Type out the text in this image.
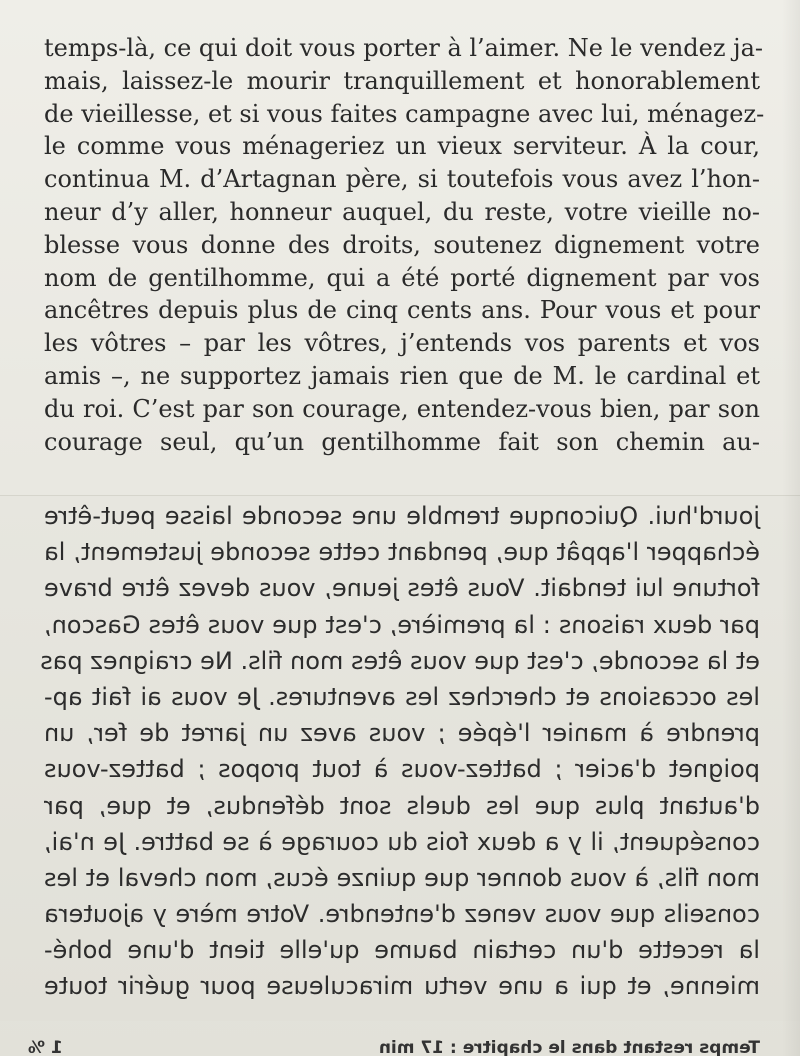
temps-là, ce qui doit vous porter à l’aimer. Ne le vendez ja-
mais, laissez-le mourir tranquillement et honorablement
de vieillesse, et si vous faites campagne avec lui, ménagez-
le comme vous ménageriez un vieux serviteur. À la cour,
continua M. d’Artagnan père, si toutefois vous avez l’hon-
neur d’y aller, honneur auquel, du reste, votre vieille no-
blesse vous donne des droits, soutenez dignement votre
nom de gentilhomme, qui a été porté dignement par vos
ancêtres depuis plus de cinq cents ans. Pour vous et pour
les vôtres – par les vôtres, j’entends vos parents et vos
amis –, ne supportez jamais rien que de M. le cardinal et
du roi. C’est par son courage, entendez-vous bien, par son
courage seul, qu’un gentilhomme fait son chemin au-
jourd'hui. Quiconque tremble une seconde laisse peut-être
échapper l'appât que, pendant cette seconde justement, la
fortune lui tendait. Vous êtes jeune, vous devez être brave
par deux raisons : la première, c'est que vous êtes Gascon,
et la seconde, c'est que vous êtes mon fils. Ne craignez pas
les occasions et cherchez les aventures. Je vous ai fait ap-
prendre à manier l'épée ; vous avez un jarret de fer, un
poignet d'acier ; battez-vous à tout propos ; battez-vous
d'autant plus que les duels sont défendus, et que, par
conséquent, il y a deux fois du courage à se battre. Je n'ai,
mon fils, à vous donner que quinze écus, mon cheval et les
conseils que vous venez d'entendre. Votre mère y ajoutera
la recette d'un certain baume qu'elle tient d'une bohé-
mienne, et qui a une vertu miraculeuse pour guérir toute
Temps restant dans le chapitre : 17 min
1 %
